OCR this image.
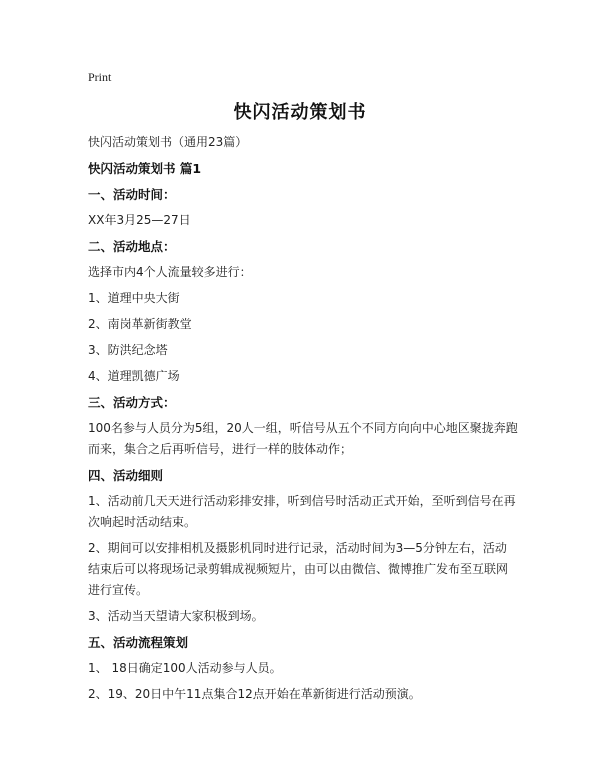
Print
快闪活动策划书
快闪活动策划书（通用23篇）
快闪活动策划书 篇1
一、活动时间：
XX年3月25—27日
二、活动地点：
选择市内4个人流量较多进行：
1、道理中央大街
2、南岗革新街教堂
3、防洪纪念塔
4、道理凯德广场
三、活动方式：
100名参与人员分为5组，20人一组，听信号从五个不同方向向中心地区聚拢奔跑而来，集合之后再听信号，进行一样的肢体动作；
四、活动细则
1、活动前几天天进行活动彩排安排，听到信号时活动正式开始，至听到信号在再次响起时活动结束。
2、期间可以安排相机及摄影机同时进行记录，活动时间为3—5分钟左右，活动结束后可以将现场记录剪辑成视频短片，由可以由微信、微博推广发布至互联网进行宣传。
3、活动当天望请大家积极到场。
五、活动流程策划
1、 18日确定100人活动参与人员。
2、19、20日中午11点集合12点开始在革新街进行活动预演。
